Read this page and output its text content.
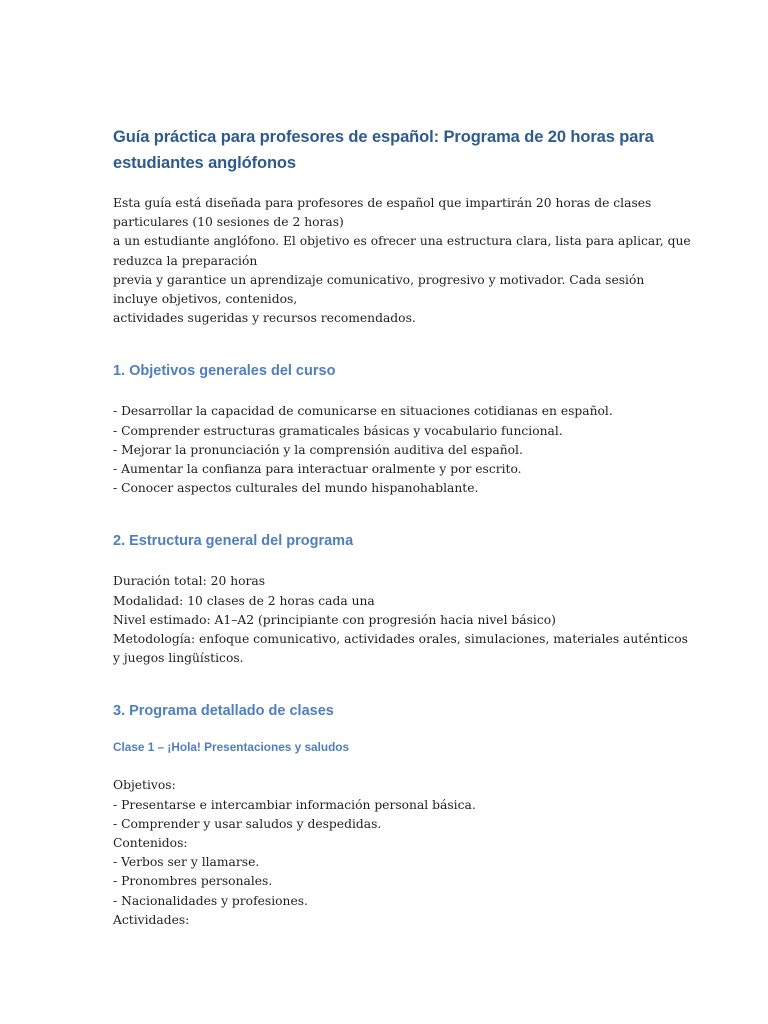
Guía práctica para profesores de español: Programa de 20 horas para
estudiantes anglófonos

Esta guía está diseñada para profesores de español que impartirán 20 horas de clases
particulares (10 sesiones de 2 horas)
a un estudiante anglófono. El objetivo es ofrecer una estructura clara, lista para aplicar, que
reduzca la preparación
previa y garantice un aprendizaje comunicativo, progresivo y motivador. Cada sesión
incluye objetivos, contenidos,
actividades sugeridas y recursos recomendados.

1. Objetivos generales del curso

- Desarrollar la capacidad de comunicarse en situaciones cotidianas en español.
- Comprender estructuras gramaticales básicas y vocabulario funcional.
- Mejorar la pronunciación y la comprensión auditiva del español.
- Aumentar la confianza para interactuar oralmente y por escrito.
- Conocer aspectos culturales del mundo hispanohablante.

2. Estructura general del programa

Duración total: 20 horas
Modalidad: 10 clases de 2 horas cada una
Nivel estimado: A1–A2 (principiante con progresión hacia nivel básico)
Metodología: enfoque comunicativo, actividades orales, simulaciones, materiales auténticos
y juegos lingüísticos.

3. Programa detallado de clases
Clase 1 – ¡Hola! Presentaciones y saludos

Objetivos:
- Presentarse e intercambiar información personal básica.
- Comprender y usar saludos y despedidas.
Contenidos:
- Verbos ser y llamarse.
- Pronombres personales.
- Nacionalidades y profesiones.
Actividades:
